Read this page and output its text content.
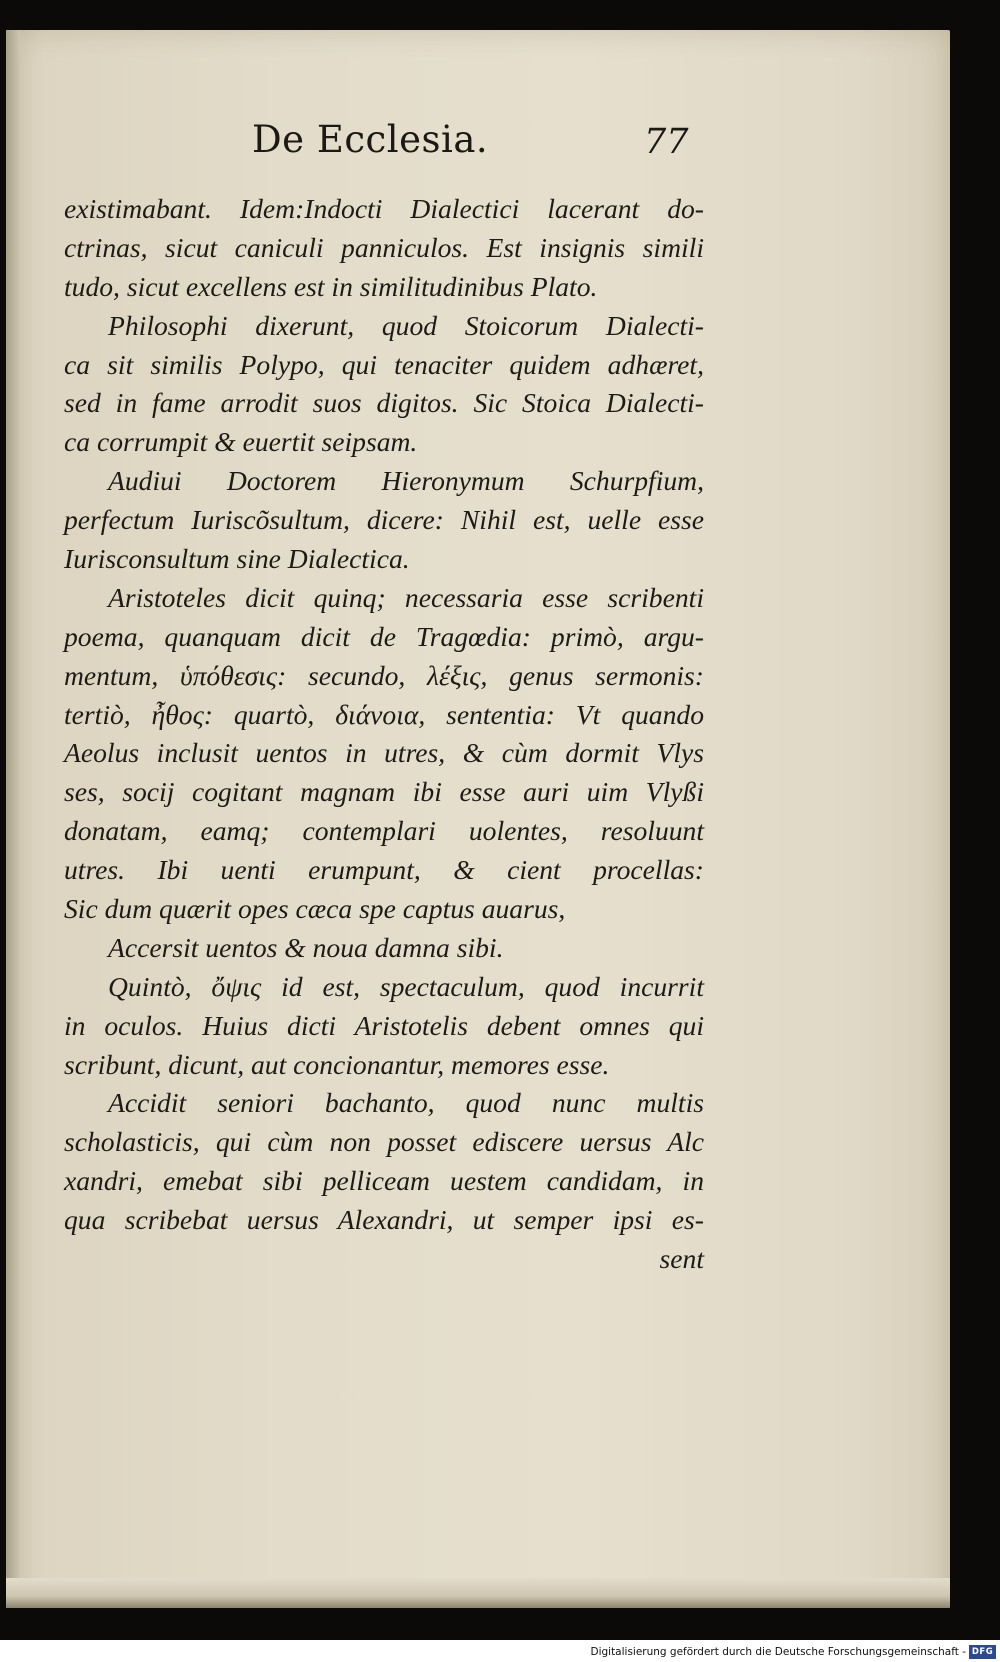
De Ecclesia.	77
existimabant. Idem:Indocti Dialectici lacerant do-
ctrinas, sicut caniculi panniculos. Est insignis simili
tudo, sicut excellens est in similitudinibus Plato.
Philosophi dixerunt, quod Stoicorum Dialecti-
ca sit similis Polypo, qui tenaciter quidem adhæret,
sed in fame arrodit suos digitos. Sic Stoica Dialecti-
ca corrumpit & euertit seipsam.
Audiui Doctorem Hieronymum Schurpfium,
perfectum Iuriscõsultum, dicere: Nihil est, uelle esse
Iurisconsultum sine Dialectica.
Aristoteles dicit quinq; necessaria esse scribenti
poema, quanquam dicit de Tragœdia: primò, argu-
mentum, ὑπόθεσις: secundo, λέξις, genus sermonis:
tertiò, ἦθος: quartò, διάνοια, sententia: Vt quando
Aeolus inclusit uentos in utres, & cùm dormit Vlys
ses, socij cogitant magnam ibi esse auri uim Vlyßi
donatam, eamq; contemplari uolentes, resoluunt
utres. Ibi uenti erumpunt, & cient procellas:
Sic dum quærit opes cæca spe captus auarus,
Accersit uentos & noua damna sibi.
Quintò, ὄψις id est, spectaculum, quod incurrit
in oculos. Huius dicti Aristotelis debent omnes qui
scribunt, dicunt, aut concionantur, memores esse.
Accidit seniori bachanto, quod nunc multis
scholasticis, qui cùm non posset ediscere uersus Alc
xandri, emebat sibi pelliceam uestem candidam, in
qua scribebat uersus Alexandri, ut semper ipsi es-
sent
Digitalisierung gefördert durch die Deutsche Forschungsgemeinschaft - DFG
